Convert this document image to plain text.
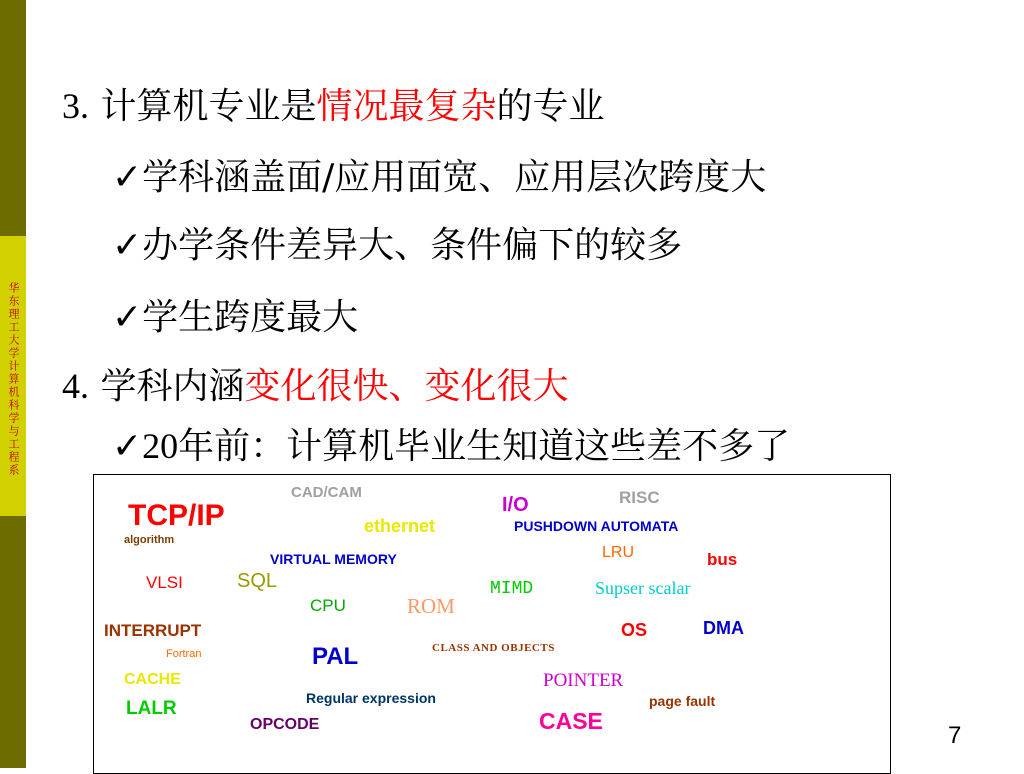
华东理工大学计算机科学与工程系
3. 计算机专业是情况最复杂的专业
✓学科涵盖面/应用面宽、应用层次跨度大
✓办学条件差异大、条件偏下的较多
✓学生跨度最大
4. 学科内涵变化很快、变化很大
✓20年前：计算机毕业生知道这些差不多了
CAD/CAM
TCP/IP	I/O	RISC
ethernet	PUSHDOWN AUTOMATA
algorithm
VIRTUAL MEMORY	LRU	bus
VLSI	SQL	MIMD	Supser scalar
CPU	ROM
INTERRUPT	OS	DMA
Fortran	PAL	CLASS AND OBJECTS
CACHE	POINTER
Regular expression	page fault
LALR
OPCODE	CASE
7
